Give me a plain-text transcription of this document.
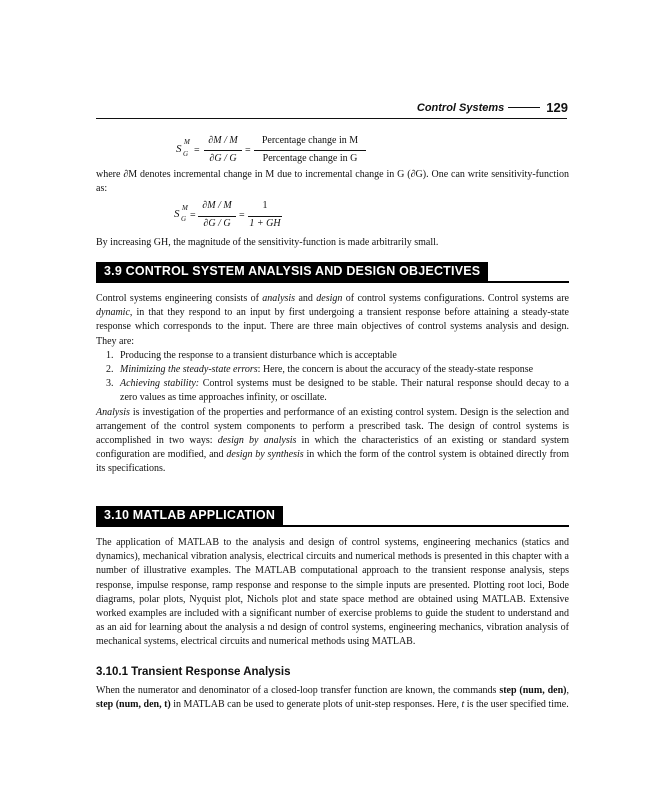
Control Systems	129
S
M
G =
∂M / M
∂G / G
=
Percentage change in M
Percentage change in G

where ∂M denotes incremental change in M due to incremental change in G (∂G). One can write sensitivity-function as:

S M
G =
∂M / M
∂G / G
=
1
1 + GH

By increasing GH, the magnitude of the sensitivity-function is made arbitrarily small.

3.9 CONTROL SYSTEM ANALYSIS AND DESIGN OBJECTIVES

Control systems engineering consists of analysis and design of control systems configurations. Control systems are dynamic, in that they respond to an input by first undergoing a transient response before attaining a steady-state response which corresponds to the input. There are three main objectives of control systems analysis and design. They are:

1. Producing the response to a transient disturbance which is acceptable
2. Minimizing the steady-state errors: Here, the concern is about the accuracy of the steady-state response
3. Achieving stability: Control systems must be designed to be stable. Their natural response should decay to a zero values as time approaches infinity, or oscillate.

Analysis is investigation of the properties and performance of an existing control system. Design is the selection and arrangement of the control system components to perform a prescribed task. The design of control systems is accomplished in two ways: design by analysis in which the characteristics of an existing or standard system configuration are modified, and design by synthesis in which the form of the control system is obtained directly from its specifications.

3.10 MATLAB APPLICATION

The application of MATLAB to the analysis and design of control systems, engineering mechanics (statics and dynamics), mechanical vibration analysis, electrical circuits and numerical methods is presented in this chapter with a number of illustrative examples. The MATLAB computational approach to the transient response analysis, steps response, impulse response, ramp response and response to the simple inputs are presented. Plotting root loci, Bode diagrams, polar plots, Nyquist plot, Nichols plot and state space method are obtained using MATLAB. Extensive worked examples are included with a significant number of exercise problems to guide the student to understand and as an aid for learning about the analysis a nd design of control systems, engineering mechanics, vibration analysis of mechanical systems, electrical circuits and numerical methods using MATLAB.

3.10.1 Transient Response Analysis

When the numerator and denominator of a closed-loop transfer function are known, the commands step (num, den), step (num, den, t) in MATLAB can be used to generate plots of unit-step responses. Here, t is the user specified time.
